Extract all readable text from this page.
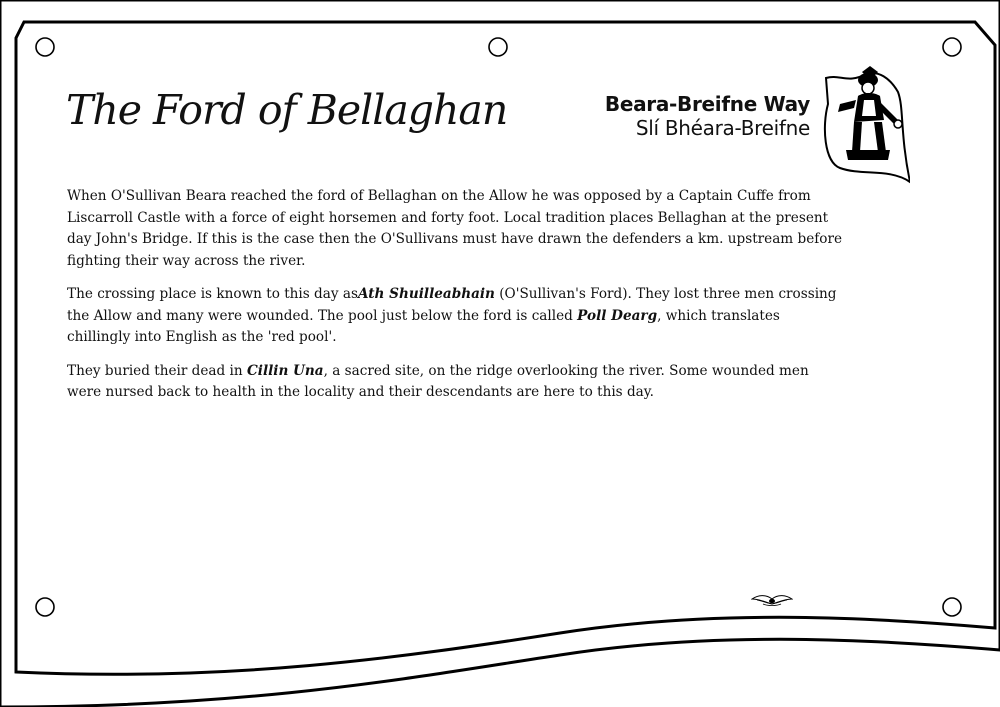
The Ford of Bellaghan	Beara-Breifne Way
Slí Bhéara-Breifne

When O'Sullivan Beara reached the ford of Bellaghan on the Allow he was opposed by a Captain Cuffe from Liscarroll Castle with a force of eight horsemen and forty foot. Local tradition places Bellaghan at the present day John's Bridge. If this is the case then the O'Sullivans must have drawn the defenders a km. upstream before fighting their way across the river.

The crossing place is known to this day asAth Shuilleabhain (O'Sullivan's Ford). They lost three men crossing the Allow and many were wounded. The pool just below the ford is called Poll Dearg, which translates chillingly into English as the 'red pool'.

They buried their dead in Cillin Una, a sacred site, on the ridge overlooking the river. Some wounded men were nursed back to health in the locality and their descendants are here to this day.
